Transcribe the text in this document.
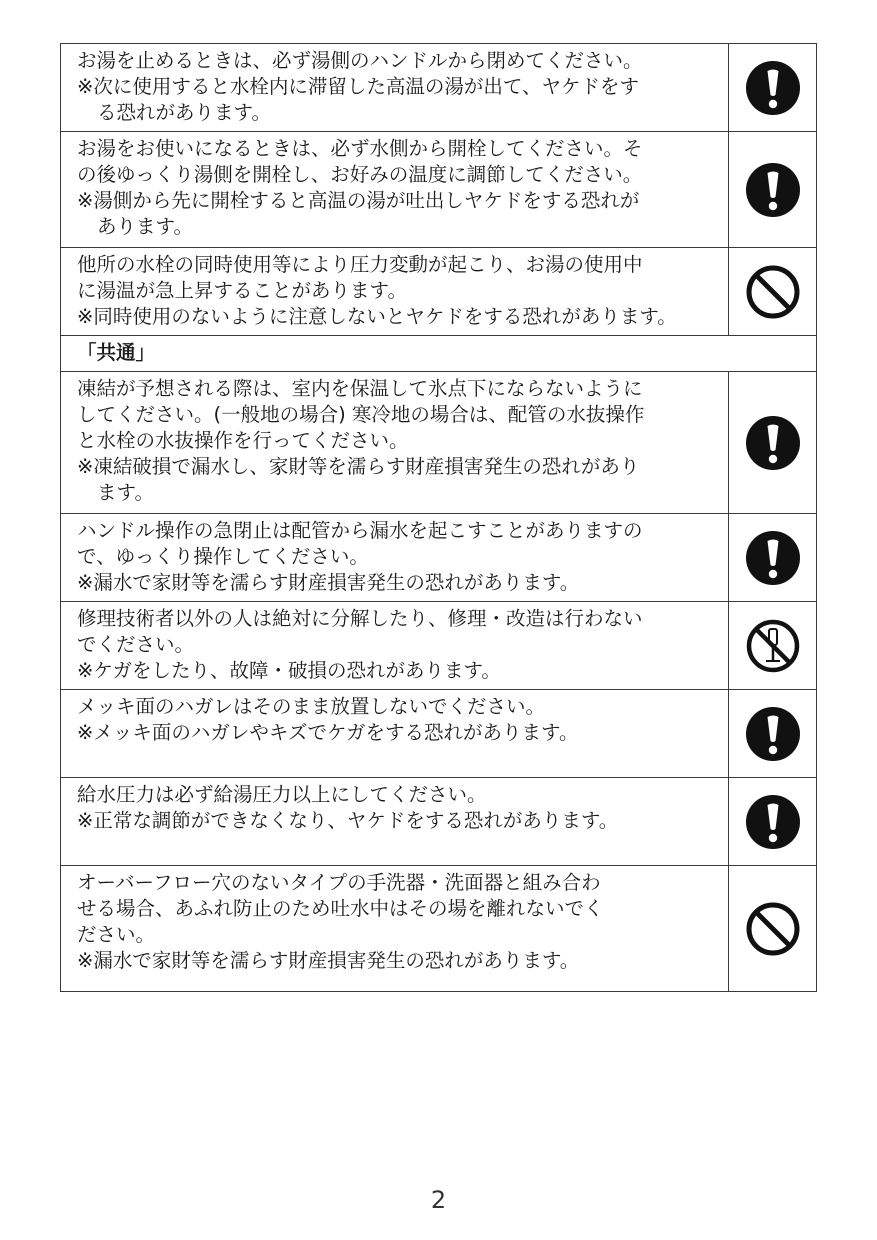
お湯を止めるときは、必ず湯側のハンドルから閉めてください。
※次に使用すると水栓内に滞留した高温の湯が出て、ヤケドをす
る恐れがあります。

お湯をお使いになるときは、必ず水側から開栓してください。そ
の後ゆっくり湯側を開栓し、お好みの温度に調節してください。
※湯側から先に開栓すると高温の湯が吐出しヤケドをする恐れが
あります。

他所の水栓の同時使用等により圧力変動が起こり、お湯の使用中
に湯温が急上昇することがあります。
※同時使用のないように注意しないとヤケドをする恐れがあります。

「共通」	

凍結が予想される際は、室内を保温して氷点下にならないように
してください。(一般地の場合) 寒冷地の場合は、配管の水抜操作
と水栓の水抜操作を行ってください。
※凍結破損で漏水し、家財等を濡らす財産損害発生の恐れがあり
ます。

ハンドル操作の急閉止は配管から漏水を起こすことがありますの
で、ゆっくり操作してください。
※漏水で家財等を濡らす財産損害発生の恐れがあります。

修理技術者以外の人は絶対に分解したり、修理・改造は行わない
でください。
※ケガをしたり、故障・破損の恐れがあります。

メッキ面のハガレはそのまま放置しないでください。
※メッキ面のハガレやキズでケガをする恐れがあります。

給水圧力は必ず給湯圧力以上にしてください。
※正常な調節ができなくなり、ヤケドをする恐れがあります。

オーバーフロー穴のないタイプの手洗器・洗面器と組み合わ
せる場合、あふれ防止のため吐水中はその場を離れないでく
ださい。
※漏水で家財等を濡らす財産損害発生の恐れがあります。

2
